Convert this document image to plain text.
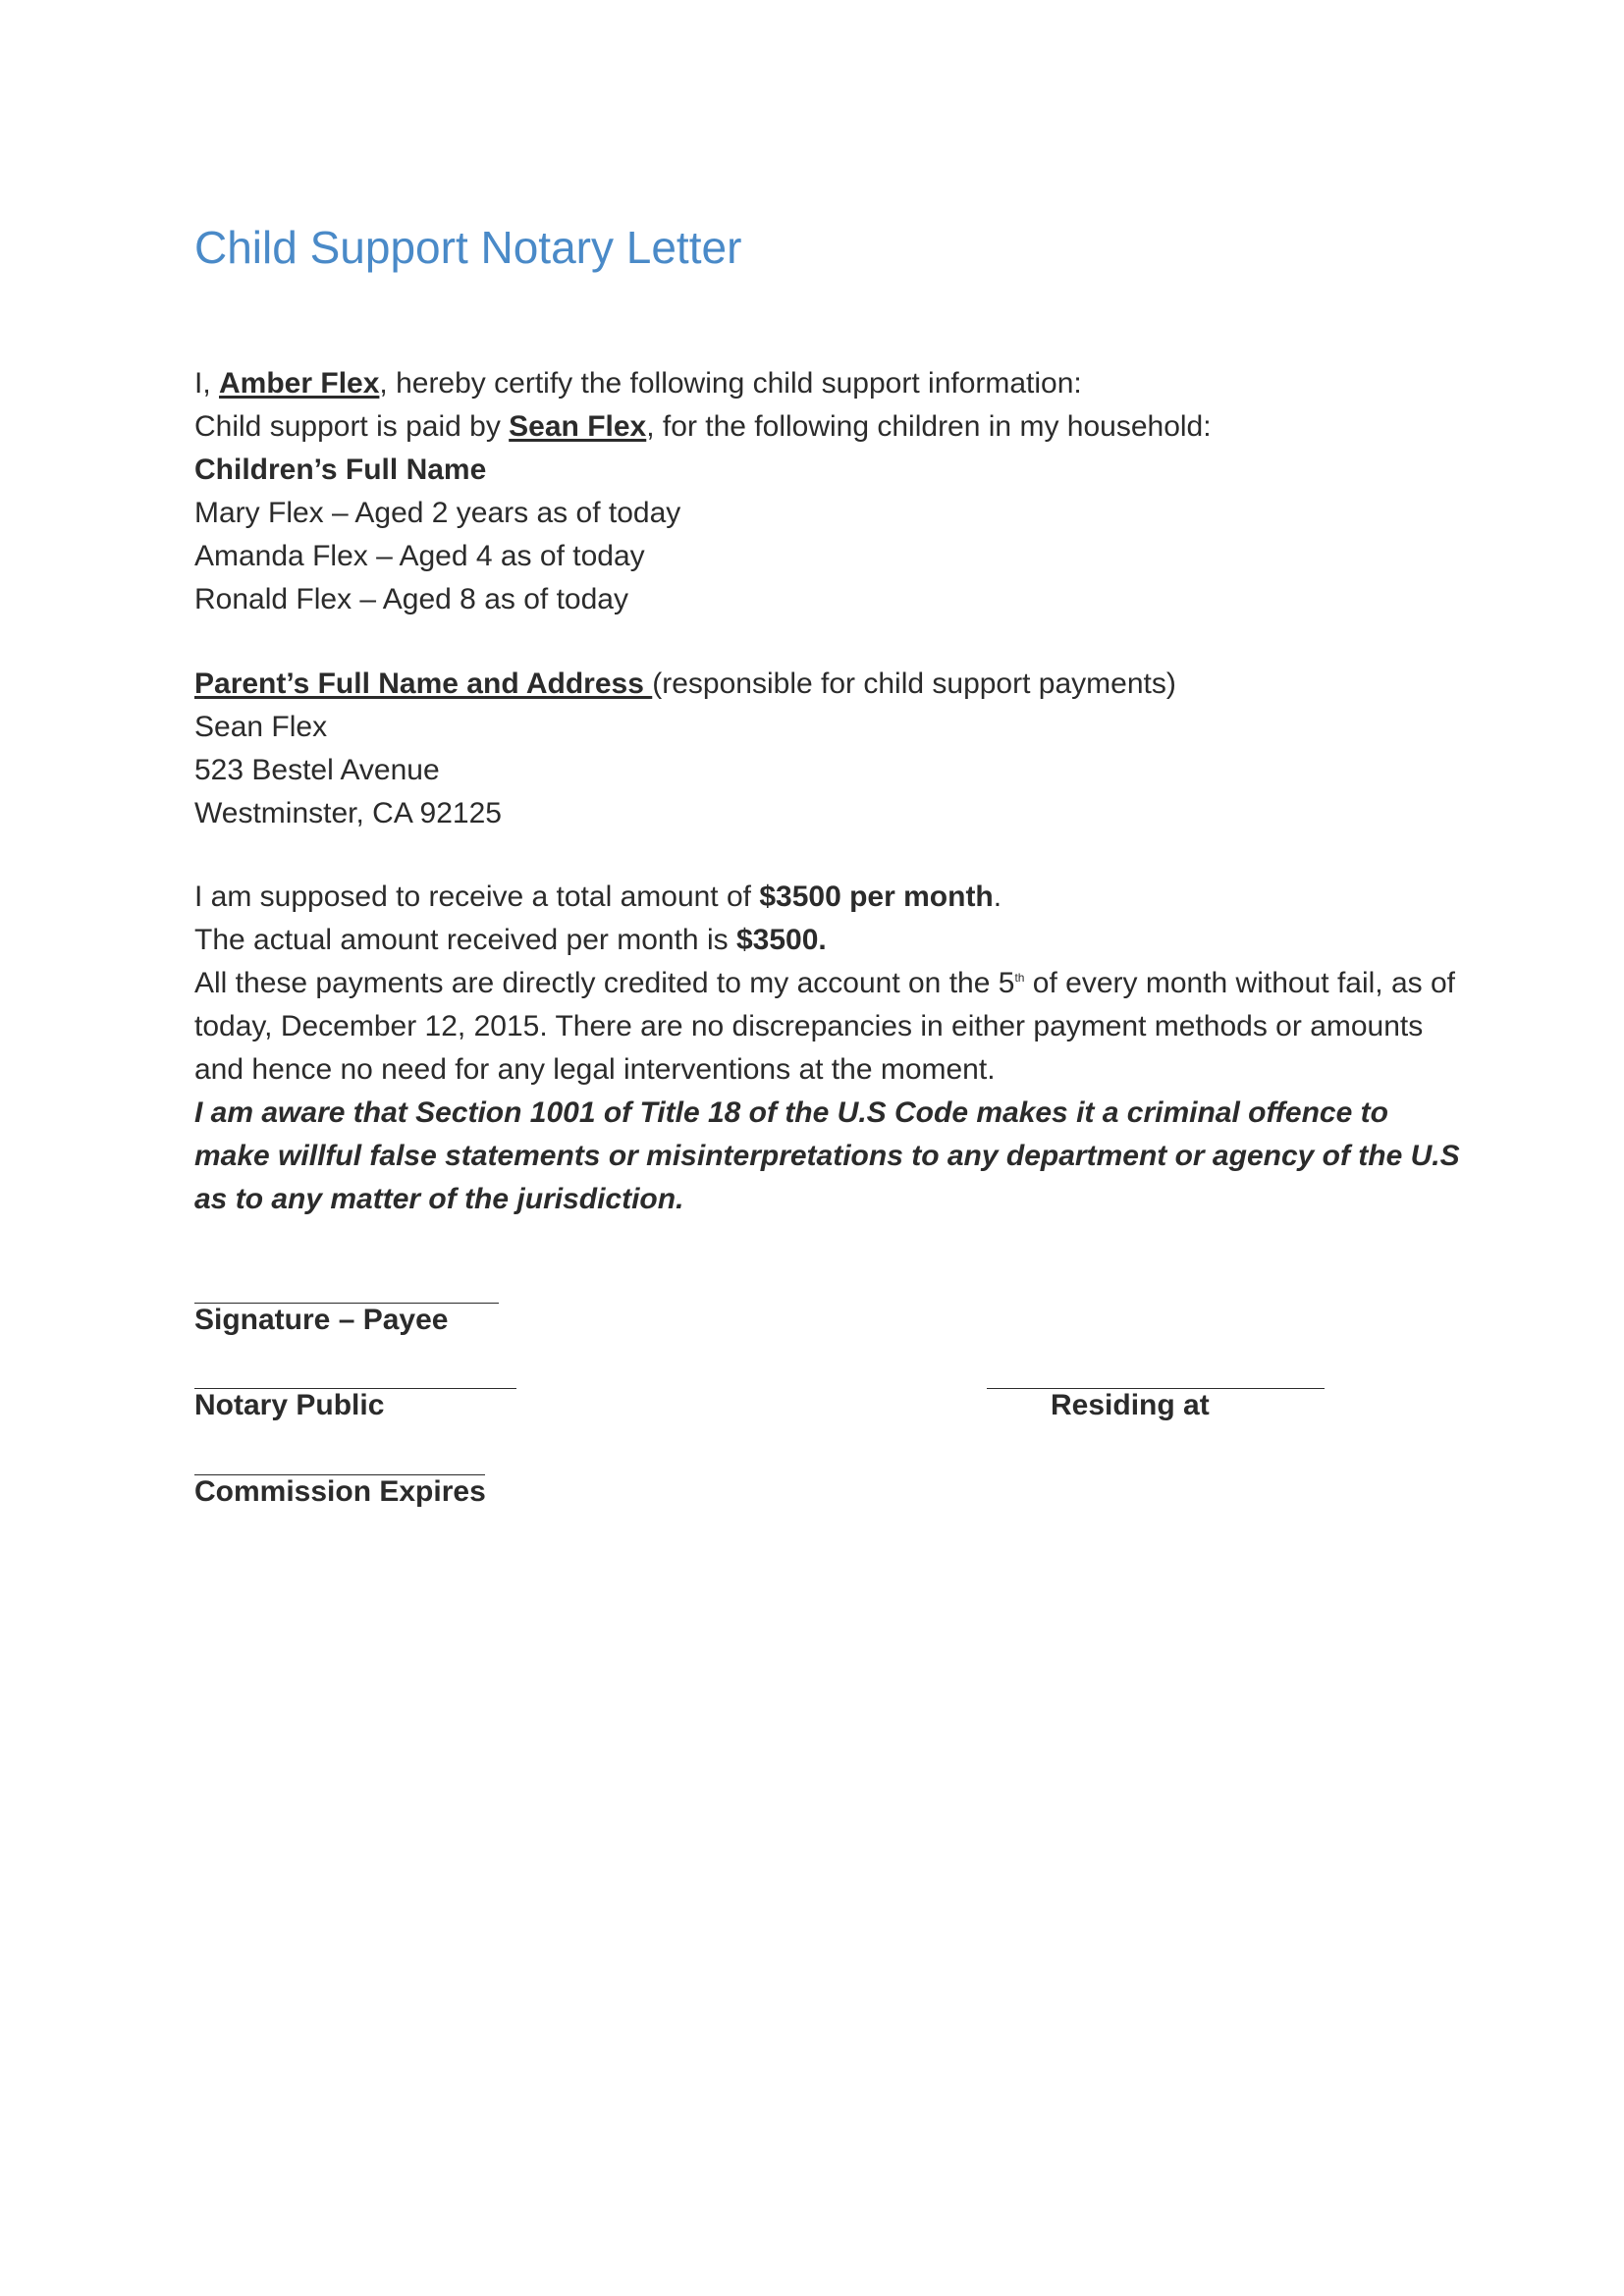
Child Support Notary Letter
I, Amber Flex, hereby certify the following child support information:
Child support is paid by Sean Flex, for the following children in my household:
Children’s Full Name
Mary Flex – Aged 2 years as of today
Amanda Flex – Aged 4 as of today
Ronald Flex – Aged 8 as of today
Parent’s Full Name and Address (responsible for child support payments)
Sean Flex
523 Bestel Avenue
Westminster, CA 92125
I am supposed to receive a total amount of $3500 per month.
The actual amount received per month is $3500.
All these payments are directly credited to my account on the 5th of every month without fail, as of
today, December 12, 2015. There are no discrepancies in either payment methods or amounts
and hence no need for any legal interventions at the moment.
I am aware that Section 1001 of Title 18 of the U.S Code makes it a criminal offence to
make willful false statements or misinterpretations to any department or agency of the U.S
as to any matter of the jurisdiction.
Signature – Payee
Notary Public	Residing at
Commission Expires
